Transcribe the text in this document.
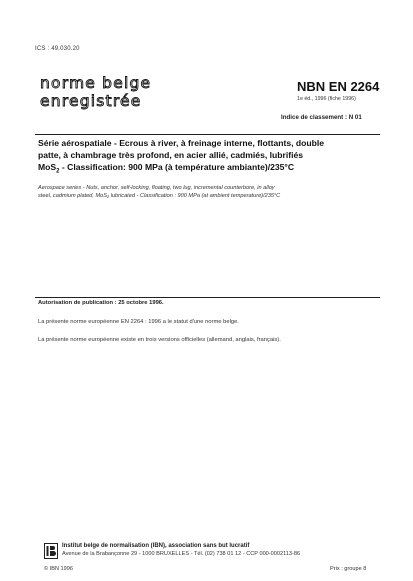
ICS : 49.030.20
norme belge
enregistrée
NBN EN 2264
1e éd., 1996 (fiche 1996)
Indice de classement : N 01
Série aérospatiale - Ecrous à river, à freinage interne, flottants, double
patte, à chambrage très profond, en acier allié, cadmiés, lubrifiés
MoS$_2$ - Classification: 900 MPa (à température ambiante)/235°C
Aerospace series - Nuts, anchor, self-locking, floating, two lug, incremental counterbore, in alloy
steel, cadmium plated, MoS₂ lubricated - Classification : 900 MPa (at ambient temperature)/235°C
Autorisation de publication : 25 octobre 1996.
La présente norme européenne EN 2264 : 1996 a le statut d'une norme belge.
La présente norme européenne existe en trois versions officielles (allemand, anglais, français).
Institut belge de normalisation (IBN), association sans but lucratif
Avenue de la Brabançonne 29 - 1000 BRUXELLES - Tél. (02) 738 01 12 - CCP 000-0002113-86
© IBN 1996	Prix : groupe 8
